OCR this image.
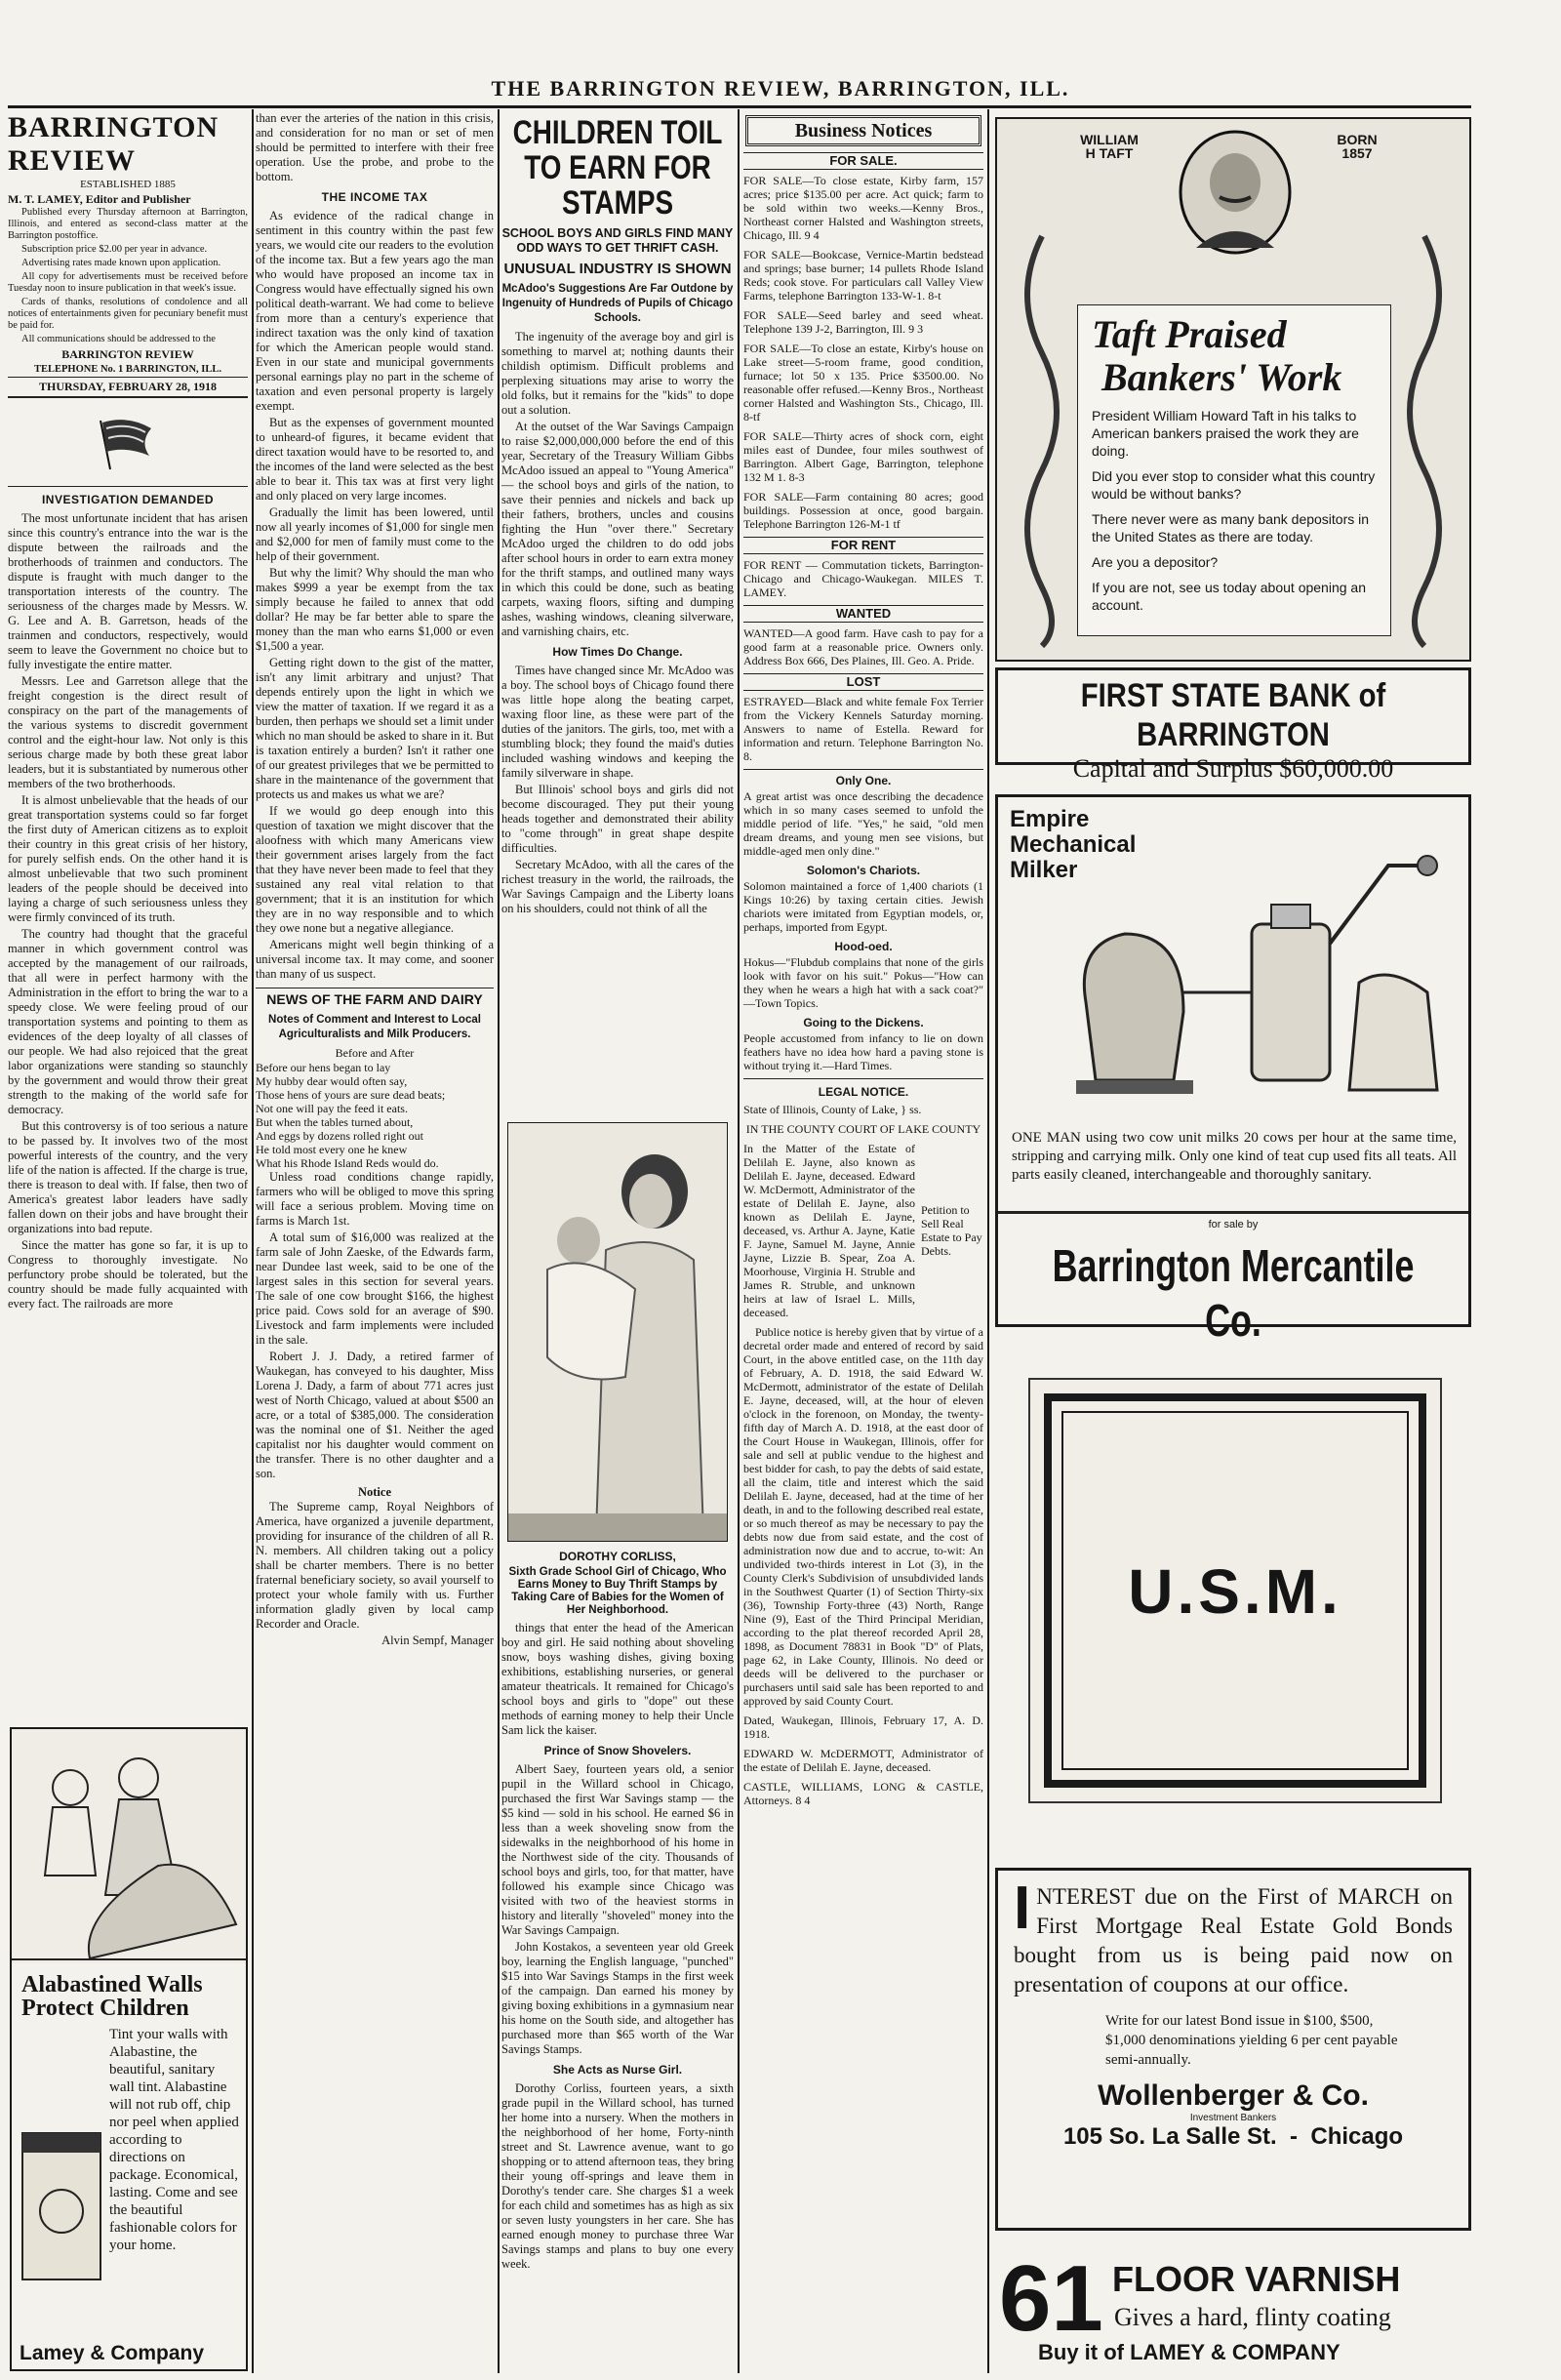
THE BARRINGTON REVIEW, BARRINGTON, ILL.
BARRINGTON REVIEW
ESTABLISHED 1885
M. T. LAMEY, Editor and Publisher

Published every Thursday afternoon at Barrington, Illinois, and entered as second-class matter at the Barrington postoffice.

Subscription price $2.00 per year in advance.

Advertising rates made known upon application.

All copy for advertisements must be received before Tuesday noon to insure publication in that week's issue.

Cards of thanks, resolutions of condolence and all notices of entertainments given for pecuniary benefit must be paid for.

All communications should be addressed to the

BARRINGTON REVIEW
TELEPHONE No. 1 BARRINGTON, ILL.
THURSDAY, FEBRUARY 28, 1918
INVESTIGATION DEMANDED

The most unfortunate incident that has arisen since this country's entrance into the war is the dispute between the railroads and the brotherhoods of trainmen and conductors. The dispute is fraught with much danger to the transportation interests of the country. The seriousness of the charges made by Messrs. W. G. Lee and A. B. Garretson, heads of the trainmen and conductors, respectively, would seem to leave the Government no choice but to fully investigate the entire matter.

Messrs. Lee and Garretson allege that the freight congestion is the direct result of conspiracy on the part of the managements of the various systems to discredit government control and the eight-hour law. Not only is this serious charge made by both these great labor leaders, but it is substantiated by numerous other members of the two brotherhoods.

It is almost unbelievable that the heads of our great transportation systems could so far forget the first duty of American citizens as to exploit their country in this great crisis of her history, for purely selfish ends. On the other hand it is almost unbelievable that two such prominent leaders of the people should be deceived into laying a charge of such seriousness unless they were firmly convinced of its truth.

The country had thought that the graceful manner in which government control was accepted by the management of our railroads, that all were in perfect harmony with the Administration in the effort to bring the war to a speedy close. We were feeling proud of our transportation systems and pointing to them as evidences of the deep loyalty of all classes of our people. We had also rejoiced that the great labor organizations were standing so staunchly by the government and would throw their great strength to the making of the world safe for democracy.

But this controversy is of too serious a nature to be passed by. It involves two of the most powerful interests of the country, and the very life of the nation is affected. If the charge is true, there is treason to deal with. If false, then two of America's greatest labor leaders have sadly fallen down on their jobs and have brought their organizations into bad repute.

Since the matter has gone so far, it is up to Congress to thoroughly investigate. No perfunctory probe should be tolerated, but the country should be made fully acquainted with every fact. The railroads are more

Alabastined Walls Protect Children
Tint your walls with Alabastine, the beautiful, sanitary wall tint. Alabastine will not rub off, chip nor peel when applied according to directions on package. Economical, lasting. Come and see the beautiful fashionable colors for your home.
Lamey & Company

than ever the arteries of the nation in this crisis, and consideration for no man or set of men should be permitted to interfere with their free operation. Use the probe, and probe to the bottom.

THE INCOME TAX

As evidence of the radical change in sentiment in this country within the past few years, we would cite our readers to the evolution of the income tax. But a few years ago the man who would have proposed an income tax in Congress would have effectually signed his own political death-warrant. We had come to believe from more than a century's experience that indirect taxation was the only kind of taxation for which the American people would stand. Even in our state and municipal governments personal earnings play no part in the scheme of taxation and even personal property is largely exempt.

But as the expenses of government mounted to unheard-of figures, it became evident that direct taxation would have to be resorted to, and the incomes of the land were selected as the best able to bear it. This tax was at first very light and only placed on very large incomes.

Gradually the limit has been lowered, until now all yearly incomes of $1,000 for single men and $2,000 for men of family must come to the help of their government.

But why the limit? Why should the man who makes $999 a year be exempt from the tax simply because he failed to annex that odd dollar? He may be far better able to spare the money than the man who earns $1,000 or even $1,500 a year.

Getting right down to the gist of the matter, isn't any limit arbitrary and unjust? That depends entirely upon the light in which we view the matter of taxation. If we regard it as a burden, then perhaps we should set a limit under which no man should be asked to share in it. But is taxation entirely a burden? Isn't it rather one of our greatest privileges that we be permitted to share in the maintenance of the government that protects us and makes us what we are?

If we would go deep enough into this question of taxation we might discover that the aloofness with which many Americans view their government arises largely from the fact that they have never been made to feel that they sustained any real vital relation to that government; that it is an institution for which they are in no way responsible and to which they owe none but a negative allegiance.

Americans might well begin thinking of a universal income tax. It may come, and sooner than many of us suspect.

NEWS OF THE FARM AND DAIRY
Notes of Comment and Interest to Local Agriculturalists and Milk Producers.
Before and After
Before our hens began to lay
My hubby dear would often say,
Those hens of yours are sure dead beats;
Not one will pay the feed it eats.
But when the tables turned about,
And eggs by dozens rolled right out
He told most every one he knew
What his Rhode Island Reds would do.

Unless road conditions change rapidly, farmers who will be obliged to move this spring will face a serious problem. Moving time on farms is March 1st.

A total sum of $16,000 was realized at the farm sale of John Zaeske, of the Edwards farm, near Dundee last week, said to be one of the largest sales in this section for several years. The sale of one cow brought $166, the highest price paid. Cows sold for an average of $90. Livestock and farm implements were included in the sale.

Robert J. J. Dady, a retired farmer of Waukegan, has conveyed to his daughter, Miss Lorena J. Dady, a farm of about 771 acres just west of North Chicago, valued at about $500 an acre, or a total of $385,000. The consideration was the nominal one of $1. Neither the aged capitalist nor his daughter would comment on the transfer. There is no other daughter and a son.

Notice

The Supreme camp, Royal Neighbors of America, have organized a juvenile department, providing for insurance of the children of all R. N. members. All children taking out a policy shall be charter members. There is no better fraternal beneficiary society, so avail yourself to protect your whole family with us. Further information gladly given by local camp Recorder and Oracle.

Alvin Sempf, Manager
CHILDREN TOIL TO EARN FOR STAMPS
SCHOOL BOYS AND GIRLS FIND MANY ODD WAYS TO GET THRIFT CASH.
UNUSUAL INDUSTRY IS SHOWN
McAdoo's Suggestions Are Far Outdone by Ingenuity of Hundreds of Pupils of Chicago Schools.

The ingenuity of the average boy and girl is something to marvel at; nothing daunts their childish optimism. Difficult problems and perplexing situations may arise to worry the old folks, but it remains for the "kids" to dope out a solution.

At the outset of the War Savings Campaign to raise $2,000,000,000 before the end of this year, Secretary of the Treasury William Gibbs McAdoo issued an appeal to "Young America" — the school boys and girls of the nation, to save their pennies and nickels and back up their fathers, brothers, uncles and cousins fighting the Hun "over there." Secretary McAdoo urged the children to do odd jobs after school hours in order to earn extra money for the thrift stamps, and outlined many ways in which this could be done, such as beating carpets, waxing floors, sifting and dumping ashes, washing windows, cleaning silverware, and varnishing chairs, etc.

How Times Do Change.

Times have changed since Mr. McAdoo was a boy. The school boys of Chicago found there was little hope along the beating carpet, waxing floor line, as these were part of the duties of the janitors. The girls, too, met with a stumbling block; they found the maid's duties included washing windows and keeping the family silverware in shape.

But Illinois' school boys and girls did not become discouraged. They put their young heads together and demonstrated their ability to "come through" in great shape despite difficulties.

Secretary McAdoo, with all the cares of the richest treasury in the world, the railroads, the War Savings Campaign and the Liberty loans on his shoulders, could not think of all the

DOROTHY CORLISS,
Sixth Grade School Girl of Chicago, Who Earns Money to Buy Thrift Stamps by Taking Care of Babies for the Women of Her Neighborhood.

things that enter the head of the American boy and girl. He said nothing about shoveling snow, boys washing dishes, giving boxing exhibitions, establishing nurseries, or general amateur theatricals. It remained for Chicago's school boys and girls to "dope" out these methods of earning money to help their Uncle Sam lick the kaiser.

Prince of Snow Shovelers.

Albert Saey, fourteen years old, a senior pupil in the Willard school in Chicago, purchased the first War Savings stamp — the $5 kind — sold in his school. He earned $6 in less than a week shoveling snow from the sidewalks in the neighborhood of his home in the Northwest side of the city. Thousands of school boys and girls, too, for that matter, have followed his example since Chicago was visited with two of the heaviest storms in history and literally "shoveled" money into the War Savings Campaign.

John Kostakos, a seventeen year old Greek boy, learning the English language, "punched" $15 into War Savings Stamps in the first week of the campaign. Dan earned his money by giving boxing exhibitions in a gymnasium near his home on the South side, and altogether has purchased more than $65 worth of the War Savings Stamps.

She Acts as Nurse Girl.

Dorothy Corliss, fourteen years, a sixth grade pupil in the Willard school, has turned her home into a nursery. When the mothers in the neighborhood of her home, Forty-ninth street and St. Lawrence avenue, want to go shopping or to attend afternoon teas, they bring their young off-springs and leave them in Dorothy's tender care. She charges $1 a week for each child and sometimes has as high as six or seven lusty youngsters in her care. She has earned enough money to purchase three War Savings stamps and plans to buy one every week.

Business Notices
FOR SALE.

FOR SALE—To close estate, Kirby farm, 157 acres; price $135.00 per acre. Act quick; farm to be sold within two weeks.—Kenny Bros., Northeast corner Halsted and Washington streets, Chicago, Ill. 9 4

FOR SALE—Bookcase, Vernice-Martin bedstead and springs; base burner; 14 pullets Rhode Island Reds; cook stove. For particulars call Valley View Farms, telephone Barrington 133-W-1. 8-t

FOR SALE—Seed barley and seed wheat. Telephone 139 J-2, Barrington, Ill. 9 3

FOR SALE—To close an estate, Kirby's house on Lake street—5-room frame, good condition, furnace; lot 50 x 135. Price $3500.00. No reasonable offer refused.—Kenny Bros., Northeast corner Halsted and Washington Sts., Chicago, Ill. 8-tf

FOR SALE—Thirty acres of shock corn, eight miles east of Dundee, four miles southwest of Barrington. Albert Gage, Barrington, telephone 132 M 1. 8-3

FOR SALE—Farm containing 80 acres; good buildings. Possession at once, good bargain. Telephone Barrington 126-M-1 tf

FOR RENT

FOR RENT — Commutation tickets, Barrington-Chicago and Chicago-Waukegan. MILES T. LAMEY.

WANTED

WANTED—A good farm. Have cash to pay for a good farm at a reasonable price. Owners only. Address Box 666, Des Plaines, Ill. Geo. A. Pride.

LOST

ESTRAYED—Black and white female Fox Terrier from the Vickery Kennels Saturday morning. Answers to name of Estella. Reward for information and return. Telephone Barrington No. 8.

Only One.

A great artist was once describing the decadence which in so many cases seemed to unfold the middle period of life. "Yes," he said, "old men dream dreams, and young men see visions, but middle-aged men only dine."

Solomon's Chariots.

Solomon maintained a force of 1,400 chariots (1 Kings 10:26) by taxing certain cities. Jewish chariots were imitated from Egyptian models, or, perhaps, imported from Egypt.

Hood-oed.

Hokus—"Flubdub complains that none of the girls look with favor on his suit." Pokus—"How can they when he wears a high hat with a sack coat?" —Town Topics.

Going to the Dickens.

People accustomed from infancy to lie on down feathers have no idea how hard a paving stone is without trying it.—Hard Times.

LEGAL NOTICE.

State of Illinois, County of Lake, } ss.

IN THE COUNTY COURT OF LAKE COUNTY

In the Matter of the Estate of Delilah E. Jayne, also known as Delilah E. Jayne, deceased. Edward W. McDermott, Administrator of the estate of Delilah E. Jayne, also known as Delilah E. Jayne, deceased, vs. Arthur A. Jayne, Katie F. Jayne, Samuel M. Jayne, Annie Jayne, Lizzie B. Spear, Zoa A. Moorhouse, Virginia H. Struble and James R. Struble, and unknown heirs at law of Israel L. Mills, deceased.

Petition to Sell Real Estate to Pay Debts.

Publice notice is hereby given that by virtue of a decretal order made and entered of record by said Court, in the above entitled case, on the 11th day of February, A. D. 1918, the said Edward W. McDermott, administrator of the estate of Delilah E. Jayne, deceased, will, at the hour of eleven o'clock in the forenoon, on Monday, the twenty-fifth day of March A. D. 1918, at the east door of the Court House in Waukegan, Illinois, offer for sale and sell at public vendue to the highest and best bidder for cash, to pay the debts of said estate, all the claim, title and interest which the said Delilah E. Jayne, deceased, had at the time of her death, in and to the following described real estate, or so much thereof as may be necessary to pay the debts now due from said estate, and the cost of administration now due and to accrue, to-wit: An undivided two-thirds interest in Lot (3), in the County Clerk's Subdivision of unsubdivided lands in the Southwest Quarter (1) of Section Thirty-six (36), Township Forty-three (43) North, Range Nine (9), East of the Third Principal Meridian, according to the plat thereof recorded April 28, 1898, as Document 78831 in Book "D" of Plats, page 62, in Lake County, Illinois. No deed or deeds will be delivered to the purchaser or purchasers until said sale has been reported to and approved by said County Court.

Dated, Waukegan, Illinois, February 17, A. D. 1918.

EDWARD W. McDERMOTT, Administrator of the estate of Delilah E. Jayne, deceased.

CASTLE, WILLIAMS, LONG & CASTLE, Attorneys. 8 4

WILLIAM H TAFT
BORN 1857
Taft Praised
Bankers' Work

President William Howard Taft in his talks to American bankers praised the work they are doing.

Did you ever stop to consider what this country would be without banks?

There never were as many bank depositors in the United States as there are today.

Are you a depositor?

If you are not, see us today about opening an account.

FIRST STATE BANK of BARRINGTON
Capital and Surplus $60,000.00
Empire Mechanical Milker
ONE MAN using two cow unit milks 20 cows per hour at the same time, stripping and carrying milk. Only one kind of teat cup used fits all teats. All parts easily cleaned, interchangeable and thoroughly sanitary.
for sale by
Barrington Mercantile Co.
U.S.M.
I NTEREST due on the First of MARCH on First Mortgage Real Estate Gold Bonds bought from us is being paid now on presentation of coupons at our office.
Write for our latest Bond issue in $100, $500, $1,000 denominations yielding 6 per cent payable semi-annually.
Wollenberger & Co.
Investment Bankers
105 So. La Salle St.  -  Chicago
61 FLOOR VARNISH
Gives a hard, flinty coating
Buy it of LAMEY & COMPANY
